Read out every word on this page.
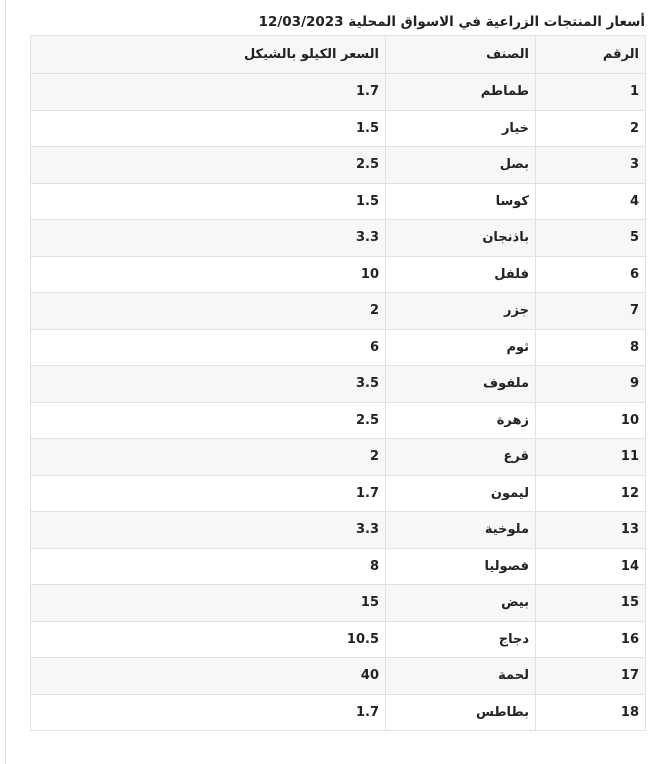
أسعار المنتجات الزراعية في الاسواق المحلية 12/03/2023
الرقم	الصنف	السعر الكيلو بالشيكل
1	طماطم	1.7
2	خيار	1.5
3	بصل	2.5
4	كوسا	1.5
5	باذنجان	3.3
6	فلفل	10
7	جزر	2
8	ثوم	6
9	ملفوف	3.5
10	زهرة	2.5
11	قرع	2
12	ليمون	1.7
13	ملوخية	3.3
14	فصوليا	8
15	بيض	15
16	دجاج	10.5
17	لحمة	40
18	بطاطس	1.7
